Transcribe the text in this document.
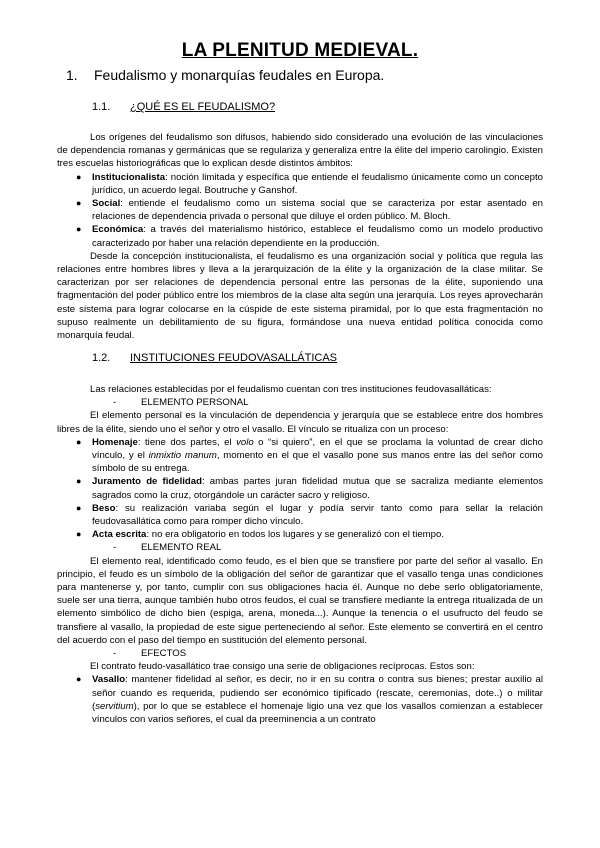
LA PLENITUD MEDIEVAL.
1. Feudalismo y monarquías feudales en Europa.
1.1. ¿QUÉ ES EL FEUDALISMO?

Los orígenes del feudalismo son difusos, habiendo sido considerado una evolución de las vinculaciones de dependencia romanas y germánicas que se regulariza y generaliza entre la élite del imperio carolingio. Existen tres escuelas historiográficas que lo explican desde distintos ámbitos:

● Institucionalista: noción limitada y específica que entiende el feudalismo únicamente como un concepto jurídico, un acuerdo legal. Boutruche y Ganshof.
● Social: entiende el feudalismo como un sistema social que se caracteriza por estar asentado en relaciones de dependencia privada o personal que diluye el orden público. M. Bloch.
● Económica: a través del materialismo histórico, establece el feudalismo como un modelo productivo caracterizado por haber una relación dependiente en la producción.

Desde la concepción institucionalista, el feudalismo es una organización social y política que regula las relaciones entre hombres libres y lleva a la jerarquización de la élite y la organización de la clase militar. Se caracterizan por ser relaciones de dependencia personal entre las personas de la élite, suponiendo una fragmentación del poder público entre los miembros de la clase alta según una jerarquía. Los reyes aprovecharán este sistema para lograr colocarse en la cúspide de este sistema piramidal, por lo que esta fragmentación no supuso realmente un debilitamiento de su figura, formándose una nueva entidad política conocida como monarquía feudal.

1.2. INSTITUCIONES FEUDOVASALLÁTICAS

Las relaciones establecidas por el feudalismo cuentan con tres instituciones feudovasalláticas:

-	ELEMENTO PERSONAL

El elemento personal es la vinculación de dependencia y jerarquía que se establece entre dos hombres libres de la élite, siendo uno el señor y otro el vasallo. El vínculo se ritualiza con un proceso:

● Homenaje: tiene dos partes, el volo o “si quiero”, en el que se proclama la voluntad de crear dicho vínculo, y el inmixtio manum, momento en el que el vasallo pone sus manos entre las del señor como símbolo de su entrega.
● Juramento de fidelidad: ambas partes juran fidelidad mutua que se sacraliza mediante elementos sagrados como la cruz, otorgándole un carácter sacro y religioso.
● Beso: su realización variaba según el lugar y podía servir tanto como para sellar la relación feudovasallática como para romper dicho vínculo.
● Acta escrita: no era obligatorio en todos los lugares y se generalizó con el tiempo.
-	ELEMENTO REAL

El elemento real, identificado como feudo, es el bien que se transfiere por parte del señor al vasallo. En principio, el feudo es un símbolo de la obligación del señor de garantizar que el vasallo tenga unas condiciones para mantenerse y, por tanto, cumplir con sus obligaciones hacia él. Aunque no debe serlo obligatoriamente, suele ser una tierra, aunque también hubo otros feudos, el cual se transfiere mediante la entrega ritualizada de un elemento simbólico de dicho bien (espiga, arena, moneda...). Aunque la tenencia o el usufructo del feudo se transfiere al vasallo, la propiedad de este sigue perteneciendo al señor. Este elemento se convertirá en el centro del acuerdo con el paso del tiempo en sustitución del elemento personal.

-	EFECTOS

El contrato feudo-vasallático trae consigo una serie de obligaciones recíprocas. Estos son:

● Vasallo: mantener fidelidad al señor, es decir, no ir en su contra o contra sus bienes; prestar auxilio al señor cuando es requerida, pudiendo ser económico tipificado (rescate, ceremonias, dote..) o militar (servitium), por lo que se establece el homenaje ligio una vez que los vasallos comienzan a establecer vínculos con varios señores, el cual da preeminencia a un contrato
